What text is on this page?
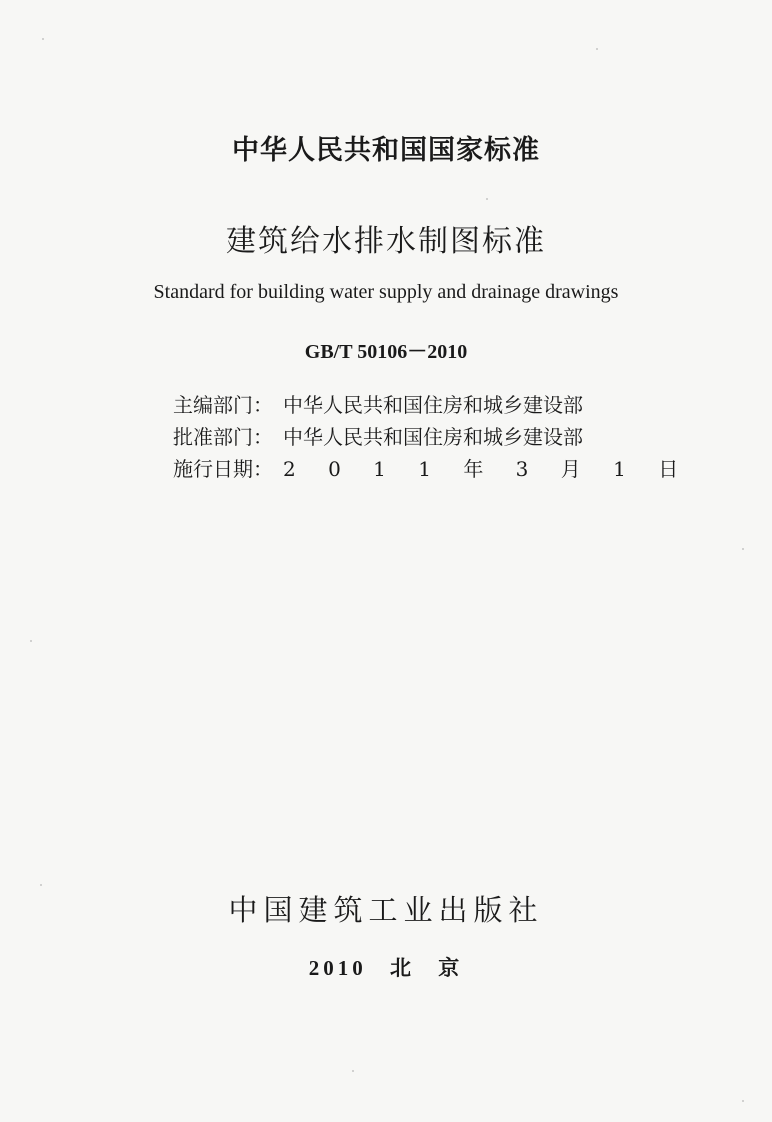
中华人民共和国国家标准
建筑给水排水制图标准
Standard for building water supply and drainage drawings
GB/T 50106－2010
主编部门： 中华人民共和国住房和城乡建设部
批准部门： 中华人民共和国住房和城乡建设部
施行日期： 2 0 1 1 年 3 月 1 日
中国建筑工业出版社
2010 北 京
